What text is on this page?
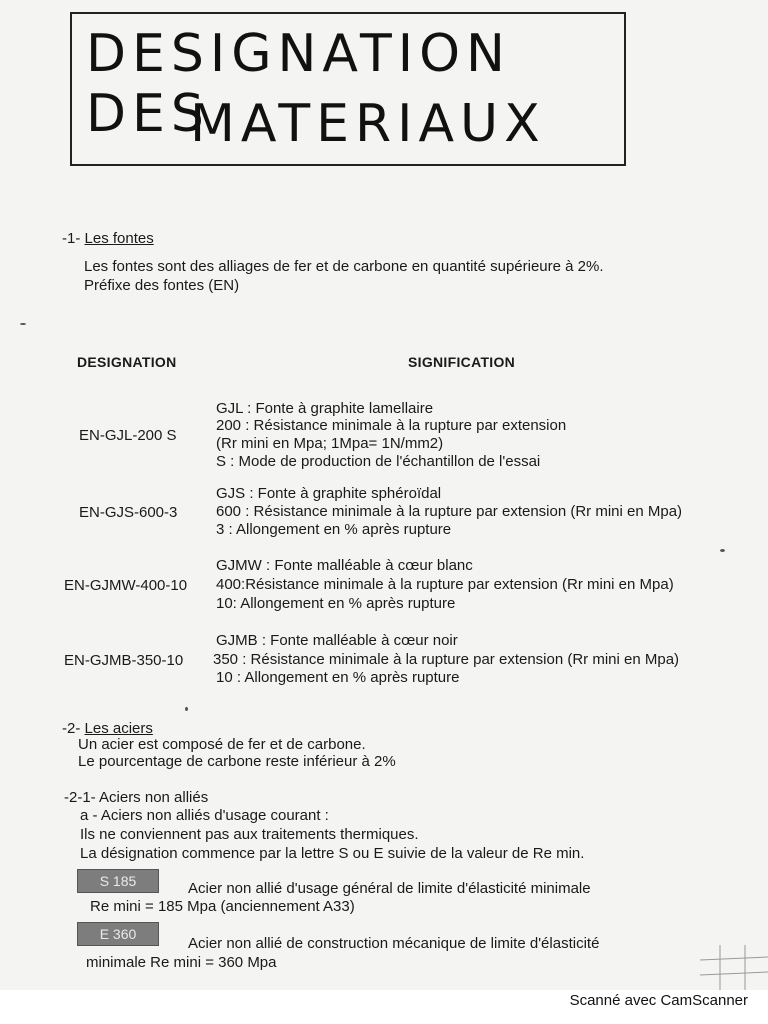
DESIGNATION DES
MATERIAUX
-1- Les fontes
Les fontes sont des alliages de fer et de carbone en quantité supérieure à 2%.
Préfixe des fontes (EN)
DESIGNATION	SIGNIFICATION
EN-GJL-200 S
GJL : Fonte à graphite lamellaire
200 : Résistance minimale à la rupture par extension
(Rr mini en Mpa; 1Mpa= 1N/mm2)
S : Mode de production de l'échantillon de l'essai
EN-GJS-600-3
GJS : Fonte à graphite sphéroïdal
600 : Résistance minimale à la rupture par extension (Rr mini en Mpa)
3 : Allongement en % après rupture
EN-GJMW-400-10
GJMW : Fonte malléable à cœur blanc
400:Résistance minimale à la rupture par extension (Rr mini en Mpa)
10: Allongement en % après rupture
EN-GJMB-350-10
GJMB : Fonte malléable à cœur noir
350 : Résistance minimale à la rupture par extension (Rr mini en Mpa)
10 : Allongement en % après rupture
-2- Les aciers
Un acier est composé de fer et de carbone.
Le pourcentage de carbone reste inférieur à 2%
-2-1- Aciers non alliés
a - Aciers non alliés d'usage courant :
Ils ne conviennent pas aux traitements thermiques.
La désignation commence par la lettre S ou E suivie de la valeur de Re min.
S 185	Acier non allié d'usage général de limite d'élasticité minimale
Re mini = 185 Mpa (anciennement A33)
E 360
Acier non allié de construction mécanique de limite d'élasticité
minimale Re mini = 360 Mpa
Scanné avec CamScanner
